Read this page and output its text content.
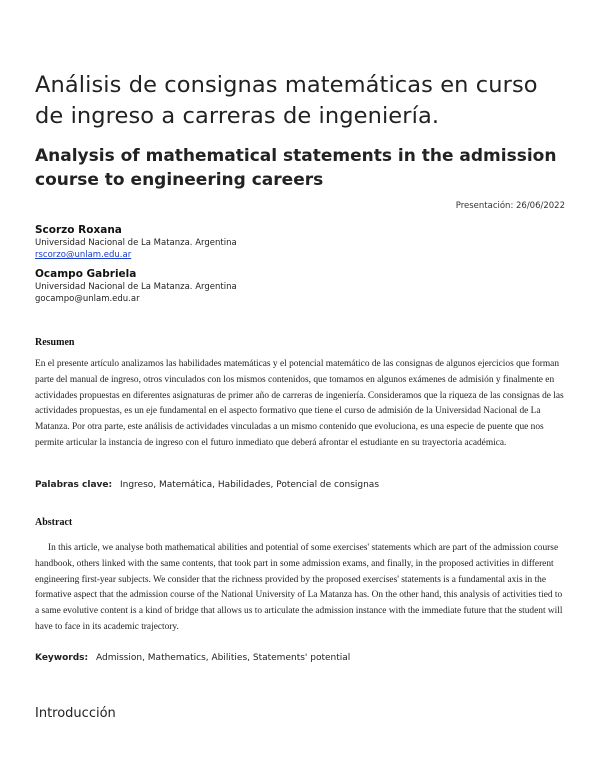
Análisis de consignas matemáticas en curso de ingreso a carreras de ingeniería.
Analysis of mathematical statements in the admission course to engineering careers
Presentación: 26/06/2022
Scorzo Roxana
Universidad Nacional de La Matanza. Argentina
rscorzo@unlam.edu.ar
Ocampo Gabriela
Universidad Nacional de La Matanza. Argentina
gocampo@unlam.edu.ar
Resumen

En el presente artículo analizamos las habilidades matemáticas y el potencial matemático de las consignas de algunos ejercicios que forman parte del manual de ingreso, otros vinculados con los mismos contenidos, que tomamos en algunos exámenes de admisión y finalmente en actividades propuestas en diferentes asignaturas de primer año de carreras de ingeniería. Consideramos que la riqueza de las consignas de las actividades propuestas, es un eje fundamental en el aspecto formativo que tiene el curso de admisión de la Universidad Nacional de La Matanza. Por otra parte, este análisis de actividades vinculadas a un mismo contenido que evoluciona, es una especie de puente que nos permite articular la instancia de ingreso con el futuro inmediato que deberá afrontar el estudiante en su trayectoria académica.

Palabras clave: Ingreso, Matemática, Habilidades, Potencial de consignas
Abstract

In this article, we analyse both mathematical abilities and potential of some exercises' statements which are part of the admission course handbook, others linked with the same contents, that took part in some admission exams, and finally, in the proposed activities in different engineering first-year subjects. We consider that the richness provided by the proposed exercises' statements is a fundamental axis in the formative aspect that the admission course of the National University of La Matanza has. On the other hand, this analysis of activities tied to a same evolutive content is a kind of bridge that allows us to articulate the admission instance with the immediate future that the student will have to face in its academic trajectory.

Keywords: Admission, Mathematics, Abilities, Statements' potential
Introducción
